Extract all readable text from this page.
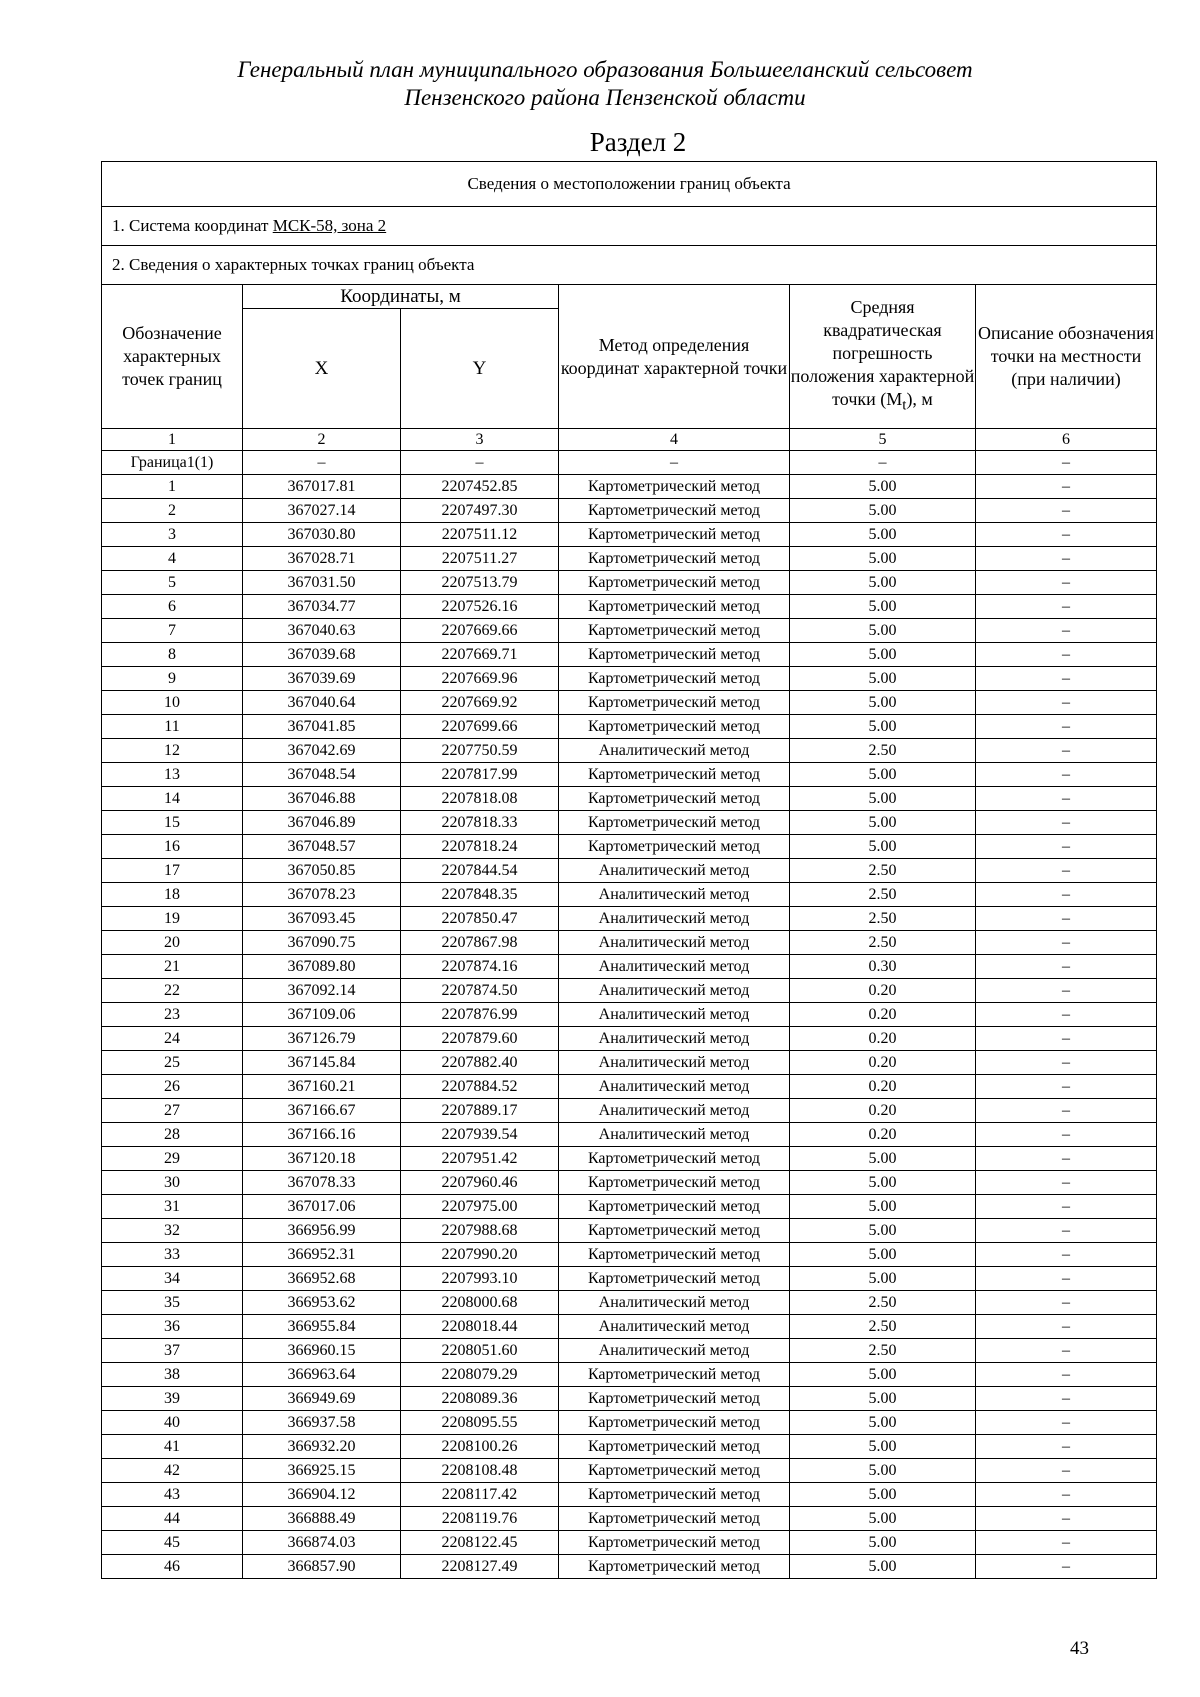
Генеральный план муниципального образования Большееланский сельсовет
Пензенского района Пензенской области
Раздел 2
Сведения о местоположении границ объекта					
1. Система координат МСК-58, зона 2					
2. Сведения о характерных точках границ объекта					
Обозначение характерных точек границ	Координаты, м		Метод определения координат характерной точки	Средняя квадратическая погрешность положения характерной точки $(M_t)$, м	Описание обозначения точки на местности (при наличии)
	X	Y			
1	2	3	4	5	6
Граница1(1)	–	–	–	–	–
1	367017.81	2207452.85	Картометрический метод	5.00	–
2	367027.14	2207497.30	Картометрический метод	5.00	–
3	367030.80	2207511.12	Картометрический метод	5.00	–
4	367028.71	2207511.27	Картометрический метод	5.00	–
5	367031.50	2207513.79	Картометрический метод	5.00	–
6	367034.77	2207526.16	Картометрический метод	5.00	–
7	367040.63	2207669.66	Картометрический метод	5.00	–
8	367039.68	2207669.71	Картометрический метод	5.00	–
9	367039.69	2207669.96	Картометрический метод	5.00	–
10	367040.64	2207669.92	Картометрический метод	5.00	–
11	367041.85	2207699.66	Картометрический метод	5.00	–
12	367042.69	2207750.59	Аналитический метод	2.50	–
13	367048.54	2207817.99	Картометрический метод	5.00	–
14	367046.88	2207818.08	Картометрический метод	5.00	–
15	367046.89	2207818.33	Картометрический метод	5.00	–
16	367048.57	2207818.24	Картометрический метод	5.00	–
17	367050.85	2207844.54	Аналитический метод	2.50	–
18	367078.23	2207848.35	Аналитический метод	2.50	–
19	367093.45	2207850.47	Аналитический метод	2.50	–
20	367090.75	2207867.98	Аналитический метод	2.50	–
21	367089.80	2207874.16	Аналитический метод	0.30	–
22	367092.14	2207874.50	Аналитический метод	0.20	–
23	367109.06	2207876.99	Аналитический метод	0.20	–
24	367126.79	2207879.60	Аналитический метод	0.20	–
25	367145.84	2207882.40	Аналитический метод	0.20	–
26	367160.21	2207884.52	Аналитический метод	0.20	–
27	367166.67	2207889.17	Аналитический метод	0.20	–
28	367166.16	2207939.54	Аналитический метод	0.20	–
29	367120.18	2207951.42	Картометрический метод	5.00	–
30	367078.33	2207960.46	Картометрический метод	5.00	–
31	367017.06	2207975.00	Картометрический метод	5.00	–
32	366956.99	2207988.68	Картометрический метод	5.00	–
33	366952.31	2207990.20	Картометрический метод	5.00	–
34	366952.68	2207993.10	Картометрический метод	5.00	–
35	366953.62	2208000.68	Аналитический метод	2.50	–
36	366955.84	2208018.44	Аналитический метод	2.50	–
37	366960.15	2208051.60	Аналитический метод	2.50	–
38	366963.64	2208079.29	Картометрический метод	5.00	–
39	366949.69	2208089.36	Картометрический метод	5.00	–
40	366937.58	2208095.55	Картометрический метод	5.00	–
41	366932.20	2208100.26	Картометрический метод	5.00	–
42	366925.15	2208108.48	Картометрический метод	5.00	–
43	366904.12	2208117.42	Картометрический метод	5.00	–
44	366888.49	2208119.76	Картометрический метод	5.00	–
45	366874.03	2208122.45	Картометрический метод	5.00	–
46	366857.90	2208127.49	Картометрический метод	5.00	–
43
